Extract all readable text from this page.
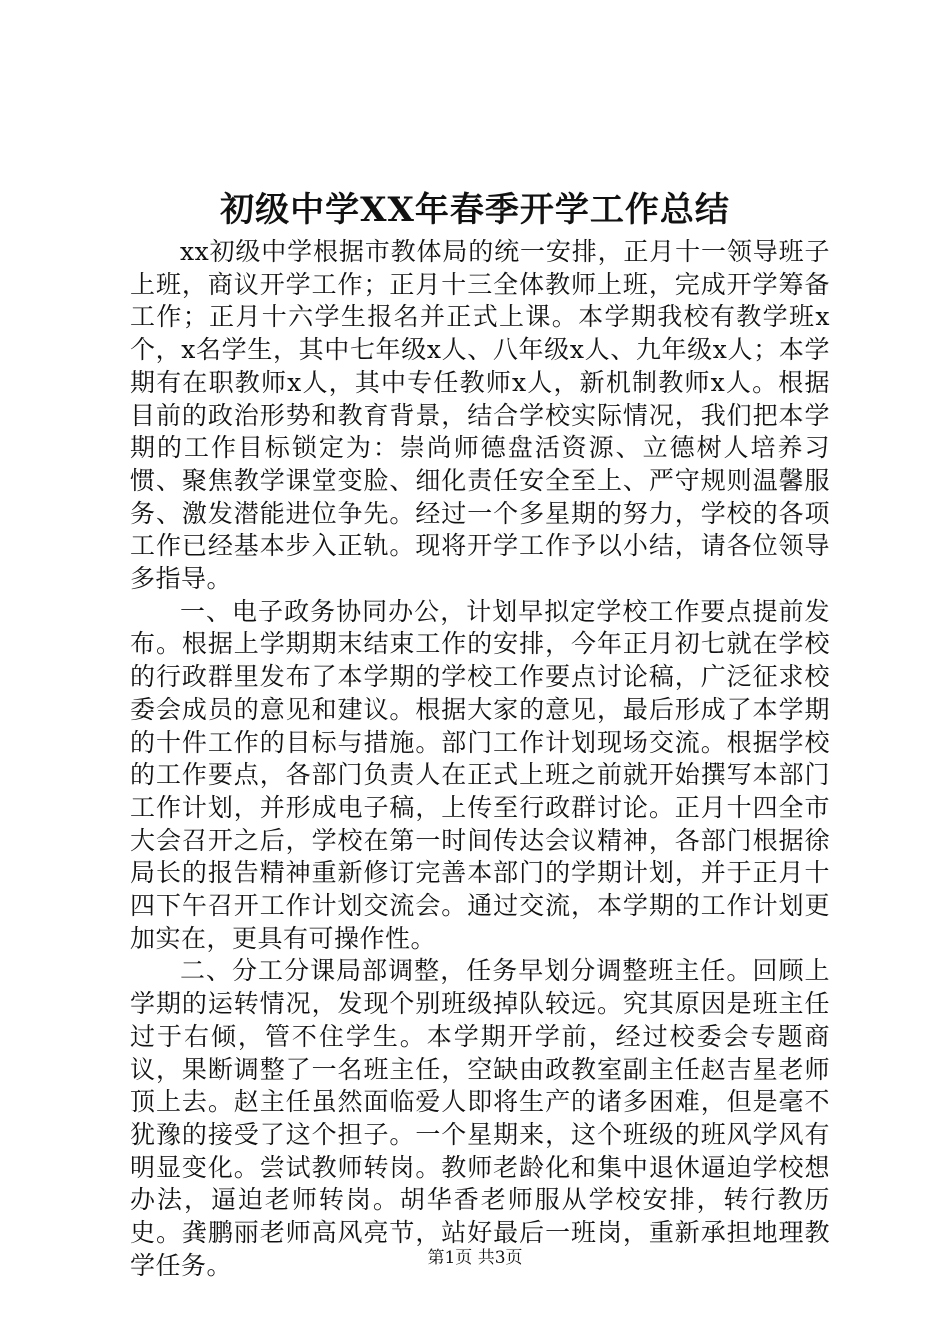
初级中学XX年春季开学工作总结

xx初级中学根据市教体局的统一安排，正月十一领导班子上班，商议开学工作；正月十三全体教师上班，完成开学筹备工作；正月十六学生报名并正式上课。本学期我校有教学班x个，x名学生，其中七年级x人、八年级x人、九年级x人；本学期有在职教师x人，其中专任教师x人，新机制教师x人。根据目前的政治形势和教育背景，结合学校实际情况，我们把本学期的工作目标锁定为：崇尚师德盘活资源、立德树人培养习惯、聚焦教学课堂变脸、细化责任安全至上、严守规则温馨服务、激发潜能进位争先。经过一个多星期的努力，学校的各项工作已经基本步入正轨。现将开学工作予以小结，请各位领导多指导。

一、电子政务协同办公，计划早拟定学校工作要点提前发布。根据上学期期末结束工作的安排，今年正月初七就在学校的行政群里发布了本学期的学校工作要点讨论稿，广泛征求校委会成员的意见和建议。根据大家的意见，最后形成了本学期的十件工作的目标与措施。部门工作计划现场交流。根据学校的工作要点，各部门负责人在正式上班之前就开始撰写本部门工作计划，并形成电子稿，上传至行政群讨论。正月十四全市大会召开之后，学校在第一时间传达会议精神，各部门根据徐局长的报告精神重新修订完善本部门的学期计划，并于正月十四下午召开工作计划交流会。通过交流，本学期的工作计划更加实在，更具有可操作性。

二、分工分课局部调整，任务早划分调整班主任。回顾上学期的运转情况，发现个别班级掉队较远。究其原因是班主任过于右倾，管不住学生。本学期开学前，经过校委会专题商议，果断调整了一名班主任，空缺由政教室副主任赵吉星老师顶上去。赵主任虽然面临爱人即将生产的诸多困难，但是毫不犹豫的接受了这个担子。一个星期来，这个班级的班风学风有明显变化。尝试教师转岗。教师老龄化和集中退休逼迫学校想办法，逼迫老师转岗。胡华香老师服从学校安排，转行教历史。龚鹏丽老师高风亮节，站好最后一班岗，重新承担地理教学任务。	第1页 共3页
